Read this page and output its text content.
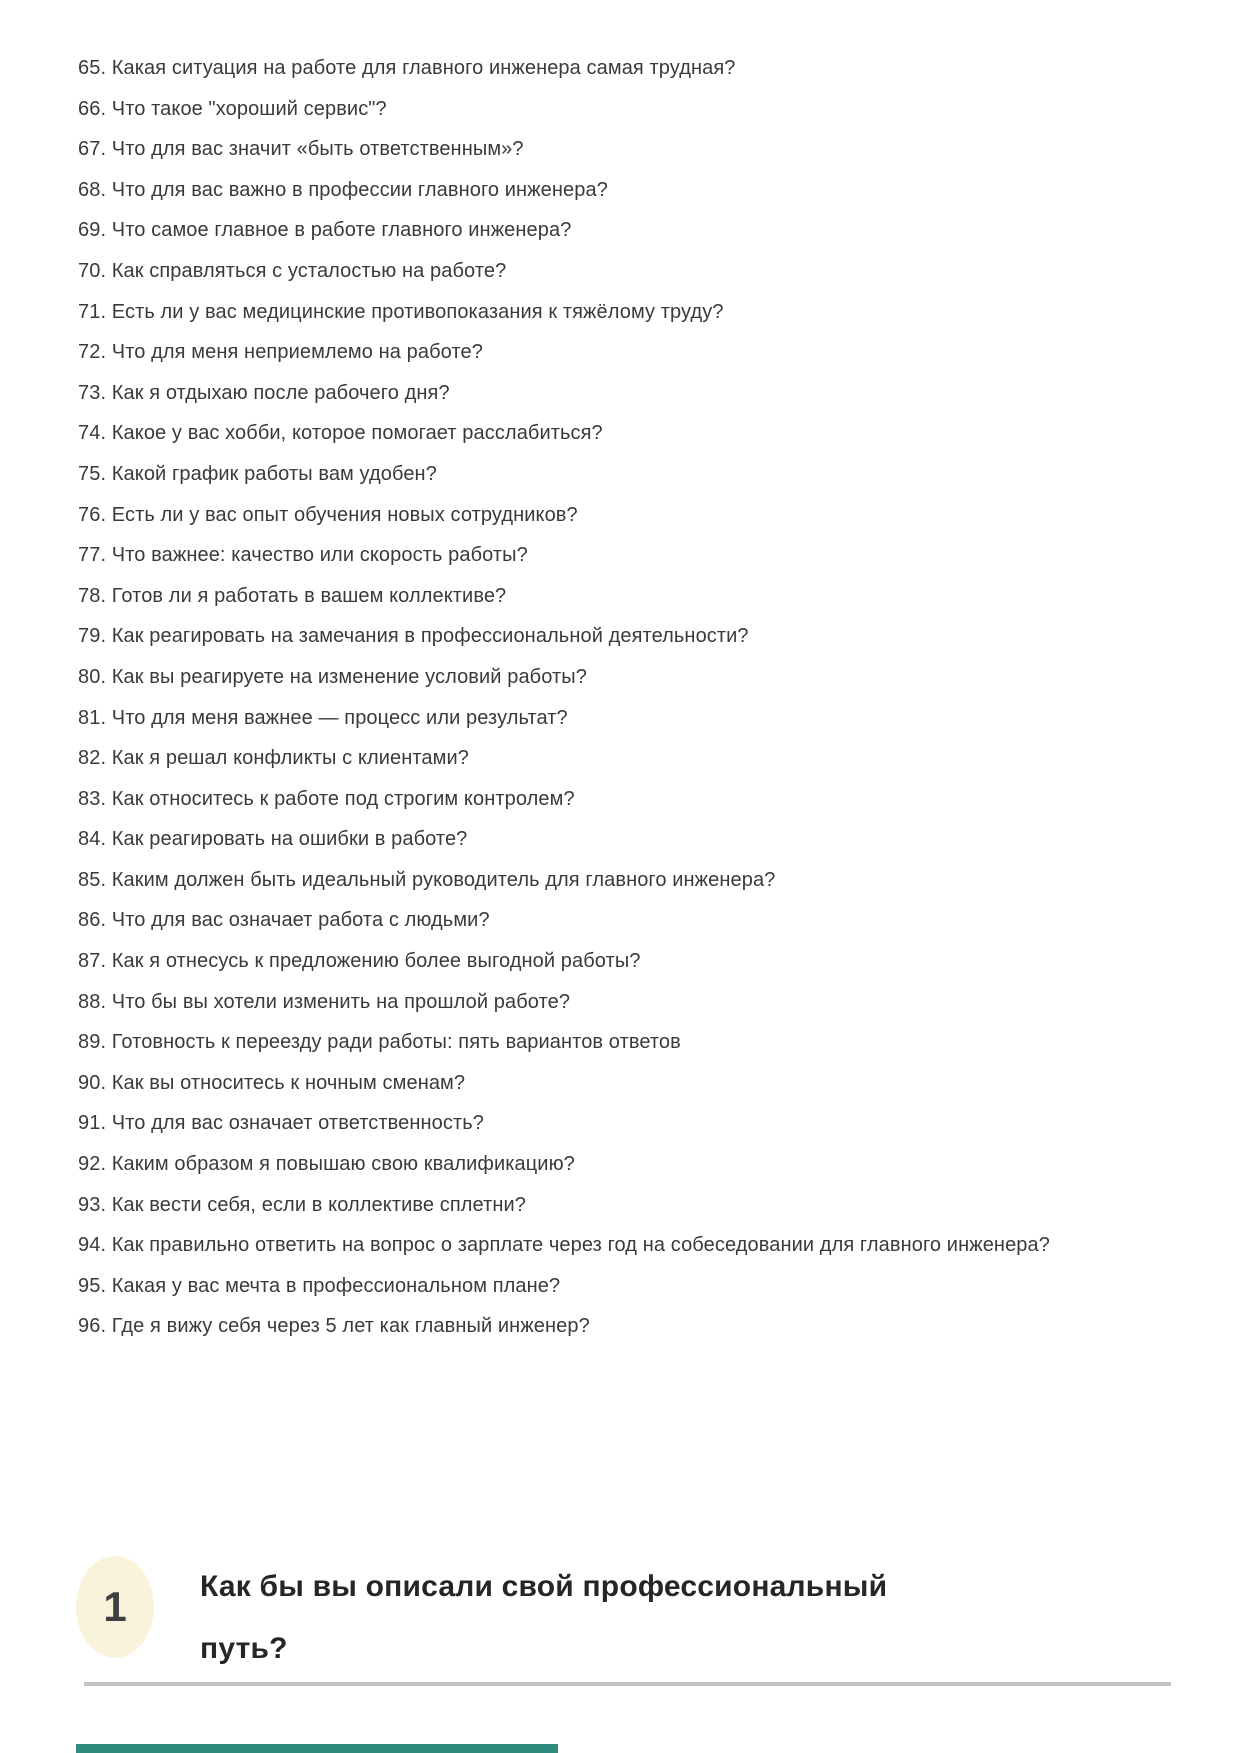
65. Какая ситуация на работе для главного инженера самая трудная?

66. Что такое "хороший сервис"?

67. Что для вас значит «быть ответственным»?

68. Что для вас важно в профессии главного инженера?

69. Что самое главное в работе главного инженера?

70. Как справляться с усталостью на работе?

71. Есть ли у вас медицинские противопоказания к тяжёлому труду?

72. Что для меня неприемлемо на работе?

73. Как я отдыхаю после рабочего дня?

74. Какое у вас хобби, которое помогает расслабиться?

75. Какой график работы вам удобен?

76. Есть ли у вас опыт обучения новых сотрудников?

77. Что важнее: качество или скорость работы?

78. Готов ли я работать в вашем коллективе?

79. Как реагировать на замечания в профессиональной деятельности?

80. Как вы реагируете на изменение условий работы?

81. Что для меня важнее — процесс или результат?

82. Как я решал конфликты с клиентами?

83. Как относитесь к работе под строгим контролем?

84. Как реагировать на ошибки в работе?

85. Каким должен быть идеальный руководитель для главного инженера?

86. Что для вас означает работа с людьми?

87. Как я отнесусь к предложению более выгодной работы?

88. Что бы вы хотели изменить на прошлой работе?

89. Готовность к переезду ради работы: пять вариантов ответов

90. Как вы относитесь к ночным сменам?

91. Что для вас означает ответственность?

92. Каким образом я повышаю свою квалификацию?

93. Как вести себя, если в коллективе сплетни?

94. Как правильно ответить на вопрос о зарплате через год на собеседовании для главного инженера?

95. Какая у вас мечта в профессиональном плане?

96. Где я вижу себя через 5 лет как главный инженер?

1 Как бы вы описали свой профессиональный путь?
